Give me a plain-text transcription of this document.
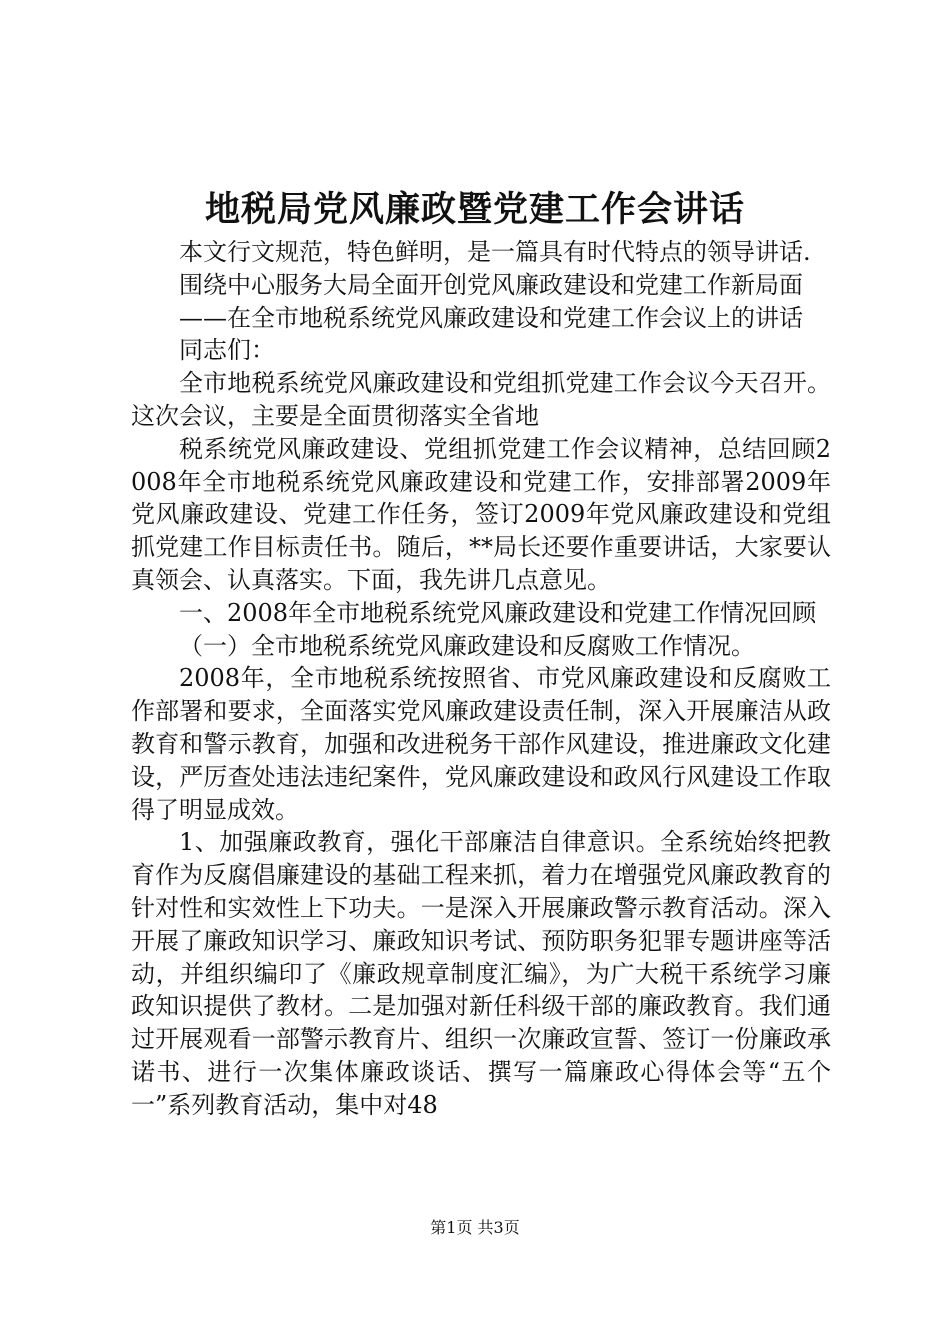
地税局党风廉政暨党建工作会讲话

本文行文规范，特色鲜明，是一篇具有时代特点的领导讲话.

围绕中心服务大局全面开创党风廉政建设和党建工作新局面

——在全市地税系统党风廉政建设和党建工作会议上的讲话

同志们：

全市地税系统党风廉政建设和党组抓党建工作会议今天召开。这次会议，主要是全面贯彻落实全省地

税系统党风廉政建设、党组抓党建工作会议精神，总结回顾2008年全市地税系统党风廉政建设和党建工作，安排部署2009年党风廉政建设、党建工作任务，签订2009年党风廉政建设和党组抓党建工作目标责任书。随后，**局长还要作重要讲话，大家要认真领会、认真落实。下面，我先讲几点意见。

一、2008年全市地税系统党风廉政建设和党建工作情况回顾

（一）全市地税系统党风廉政建设和反腐败工作情况。

2008年，全市地税系统按照省、市党风廉政建设和反腐败工作部署和要求，全面落实党风廉政建设责任制，深入开展廉洁从政教育和警示教育，加强和改进税务干部作风建设，推进廉政文化建设，严厉查处违法违纪案件，党风廉政建设和政风行风建设工作取得了明显成效。

1、加强廉政教育，强化干部廉洁自律意识。全系统始终把教育作为反腐倡廉建设的基础工程来抓，着力在增强党风廉政教育的针对性和实效性上下功夫。一是深入开展廉政警示教育活动。深入开展了廉政知识学习、廉政知识考试、预防职务犯罪专题讲座等活动，并组织编印了《廉政规章制度汇编》，为广大税干系统学习廉政知识提供了教材。二是加强对新任科级干部的廉政教育。我们通过开展观看一部警示教育片、组织一次廉政宣誓、签订一份廉政承诺书、进行一次集体廉政谈话、撰写一篇廉政心得体会等“五个一”系列教育活动，集中对48

第1页 共3页
